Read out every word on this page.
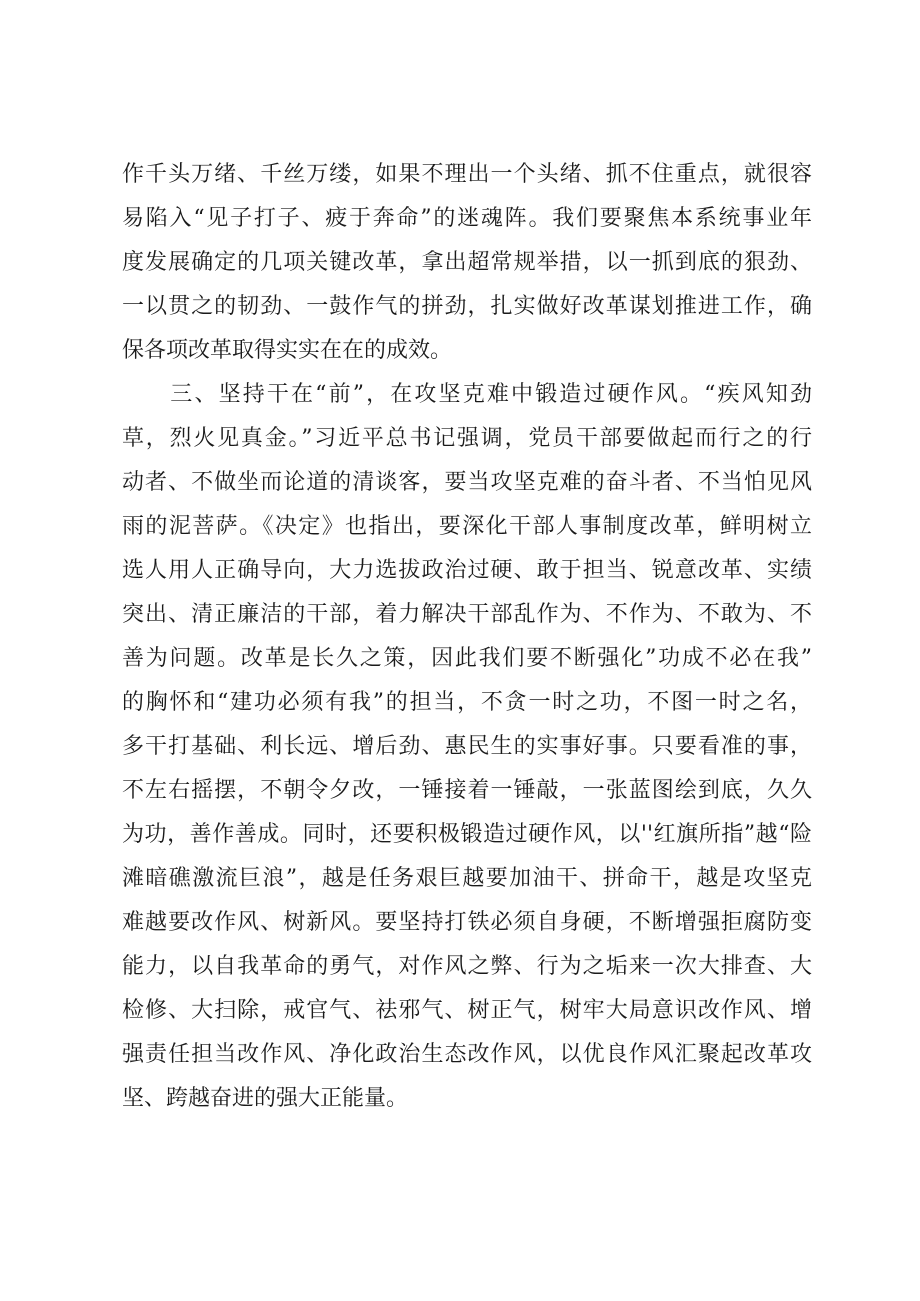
作千头万绪、千丝万缕，如果不理出一个头绪、抓不住重点，就很容
易陷入“见子打子、疲于奔命”的迷魂阵。我们要聚焦本系统事业年
度发展确定的几项关键改革，拿出超常规举措，以一抓到底的狠劲、
一以贯之的韧劲、一鼓作气的拼劲，扎实做好改革谋划推进工作，确
保各项改革取得实实在在的成效。
　　三、坚持干在“前”，在攻坚克难中锻造过硬作风。“疾风知劲
草，烈火见真金。”习近平总书记强调，党员干部要做起而行之的行
动者、不做坐而论道的清谈客，要当攻坚克难的奋斗者、不当怕见风
雨的泥菩萨。《决定》也指出，要深化干部人事制度改革，鲜明树立
选人用人正确导向，大力选拔政治过硬、敢于担当、锐意改革、实绩
突出、清正廉洁的干部，着力解决干部乱作为、不作为、不敢为、不
善为问题。改革是长久之策，因此我们要不断强化”功成不必在我”
的胸怀和“建功必须有我”的担当，不贪一时之功，不图一时之名，
多干打基础、利长远、增后劲、惠民生的实事好事。只要看准的事，
不左右摇摆，不朝令夕改，一锤接着一锤敲，一张蓝图绘到底，久久
为功，善作善成。同时，还要积极锻造过硬作风，以''红旗所指”越“险
滩暗礁激流巨浪”，越是任务艰巨越要加油干、拼命干，越是攻坚克
难越要改作风、树新风。要坚持打铁必须自身硬，不断增强拒腐防变
能力，以自我革命的勇气，对作风之弊、行为之垢来一次大排查、大
检修、大扫除，戒官气、祛邪气、树正气，树牢大局意识改作风、增
强责任担当改作风、净化政治生态改作风，以优良作风汇聚起改革攻
坚、跨越奋进的强大正能量。
